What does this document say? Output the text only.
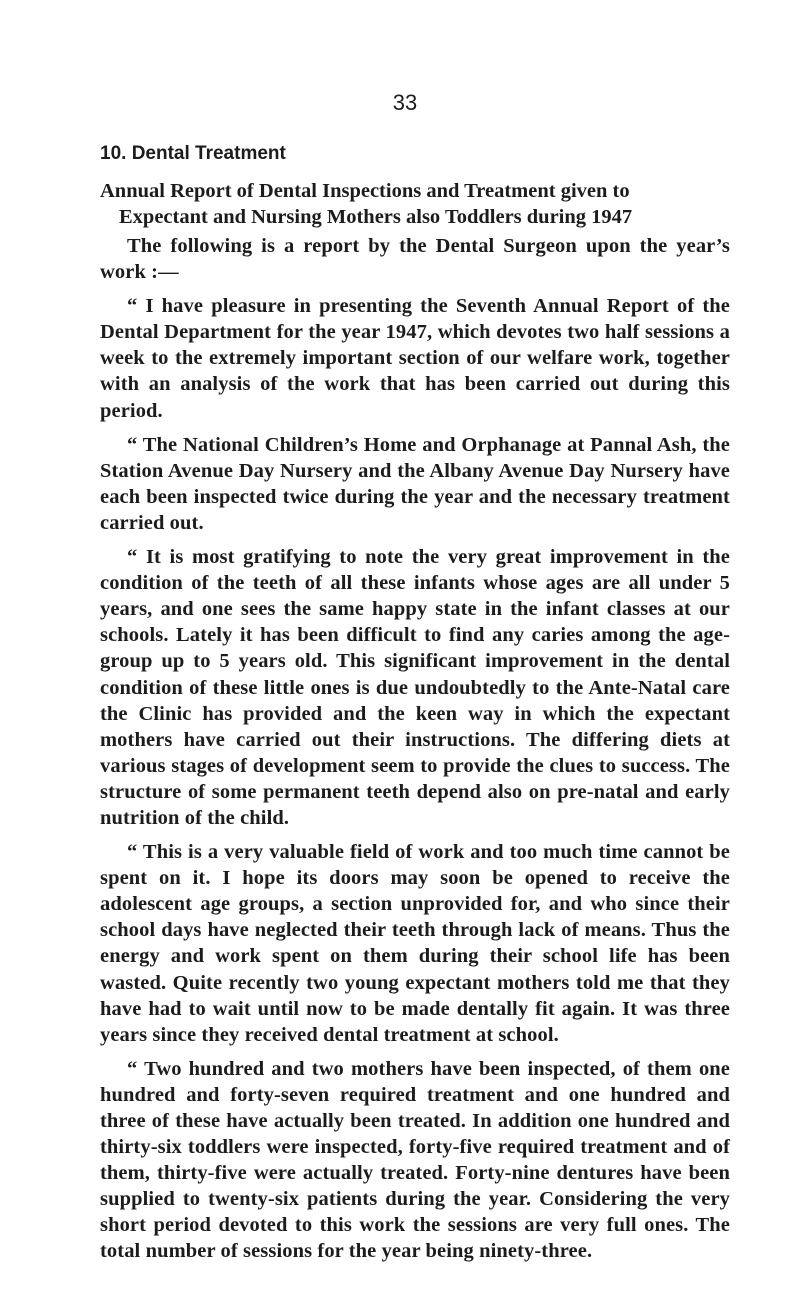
33
10. Dental Treatment
Annual Report of Dental Inspections and Treatment given to
Expectant and Nursing Mothers also Toddlers during 1947

The following is a report by the Dental Surgeon upon the year’s work :—

“ I have pleasure in presenting the Seventh Annual Report of the Dental Department for the year 1947, which devotes two half sessions a week to the extremely important section of our welfare work, together with an analysis of the work that has been carried out during this period.

“ The National Children’s Home and Orphanage at Pannal Ash, the Station Avenue Day Nursery and the Albany Avenue Day Nursery have each been inspected twice during the year and the necessary treatment carried out.

“ It is most gratifying to note the very great improvement in the condition of the teeth of all these infants whose ages are all under 5 years, and one sees the same happy state in the infant classes at our schools. Lately it has been difficult to find any caries among the age-group up to 5 years old. This significant improvement in the dental condition of these little ones is due undoubtedly to the Ante-Natal care the Clinic has provided and the keen way in which the expectant mothers have carried out their instructions. The differing diets at various stages of development seem to provide the clues to success. The structure of some permanent teeth depend also on pre-natal and early nutrition of the child.

“ This is a very valuable field of work and too much time cannot be spent on it. I hope its doors may soon be opened to receive the adolescent age groups, a section unprovided for, and who since their school days have neglected their teeth through lack of means. Thus the energy and work spent on them during their school life has been wasted. Quite recently two young expectant mothers told me that they have had to wait until now to be made dentally fit again. It was three years since they received dental treatment at school.

“ Two hundred and two mothers have been inspected, of them one hundred and forty-seven required treatment and one hundred and three of these have actually been treated. In addition one hundred and thirty-six toddlers were inspected, forty-five required treatment and of them, thirty-five were actually treated. Forty-nine dentures have been supplied to twenty-six patients during the year. Considering the very short period devoted to this work the sessions are very full ones. The total number of sessions for the year being ninety-three.
